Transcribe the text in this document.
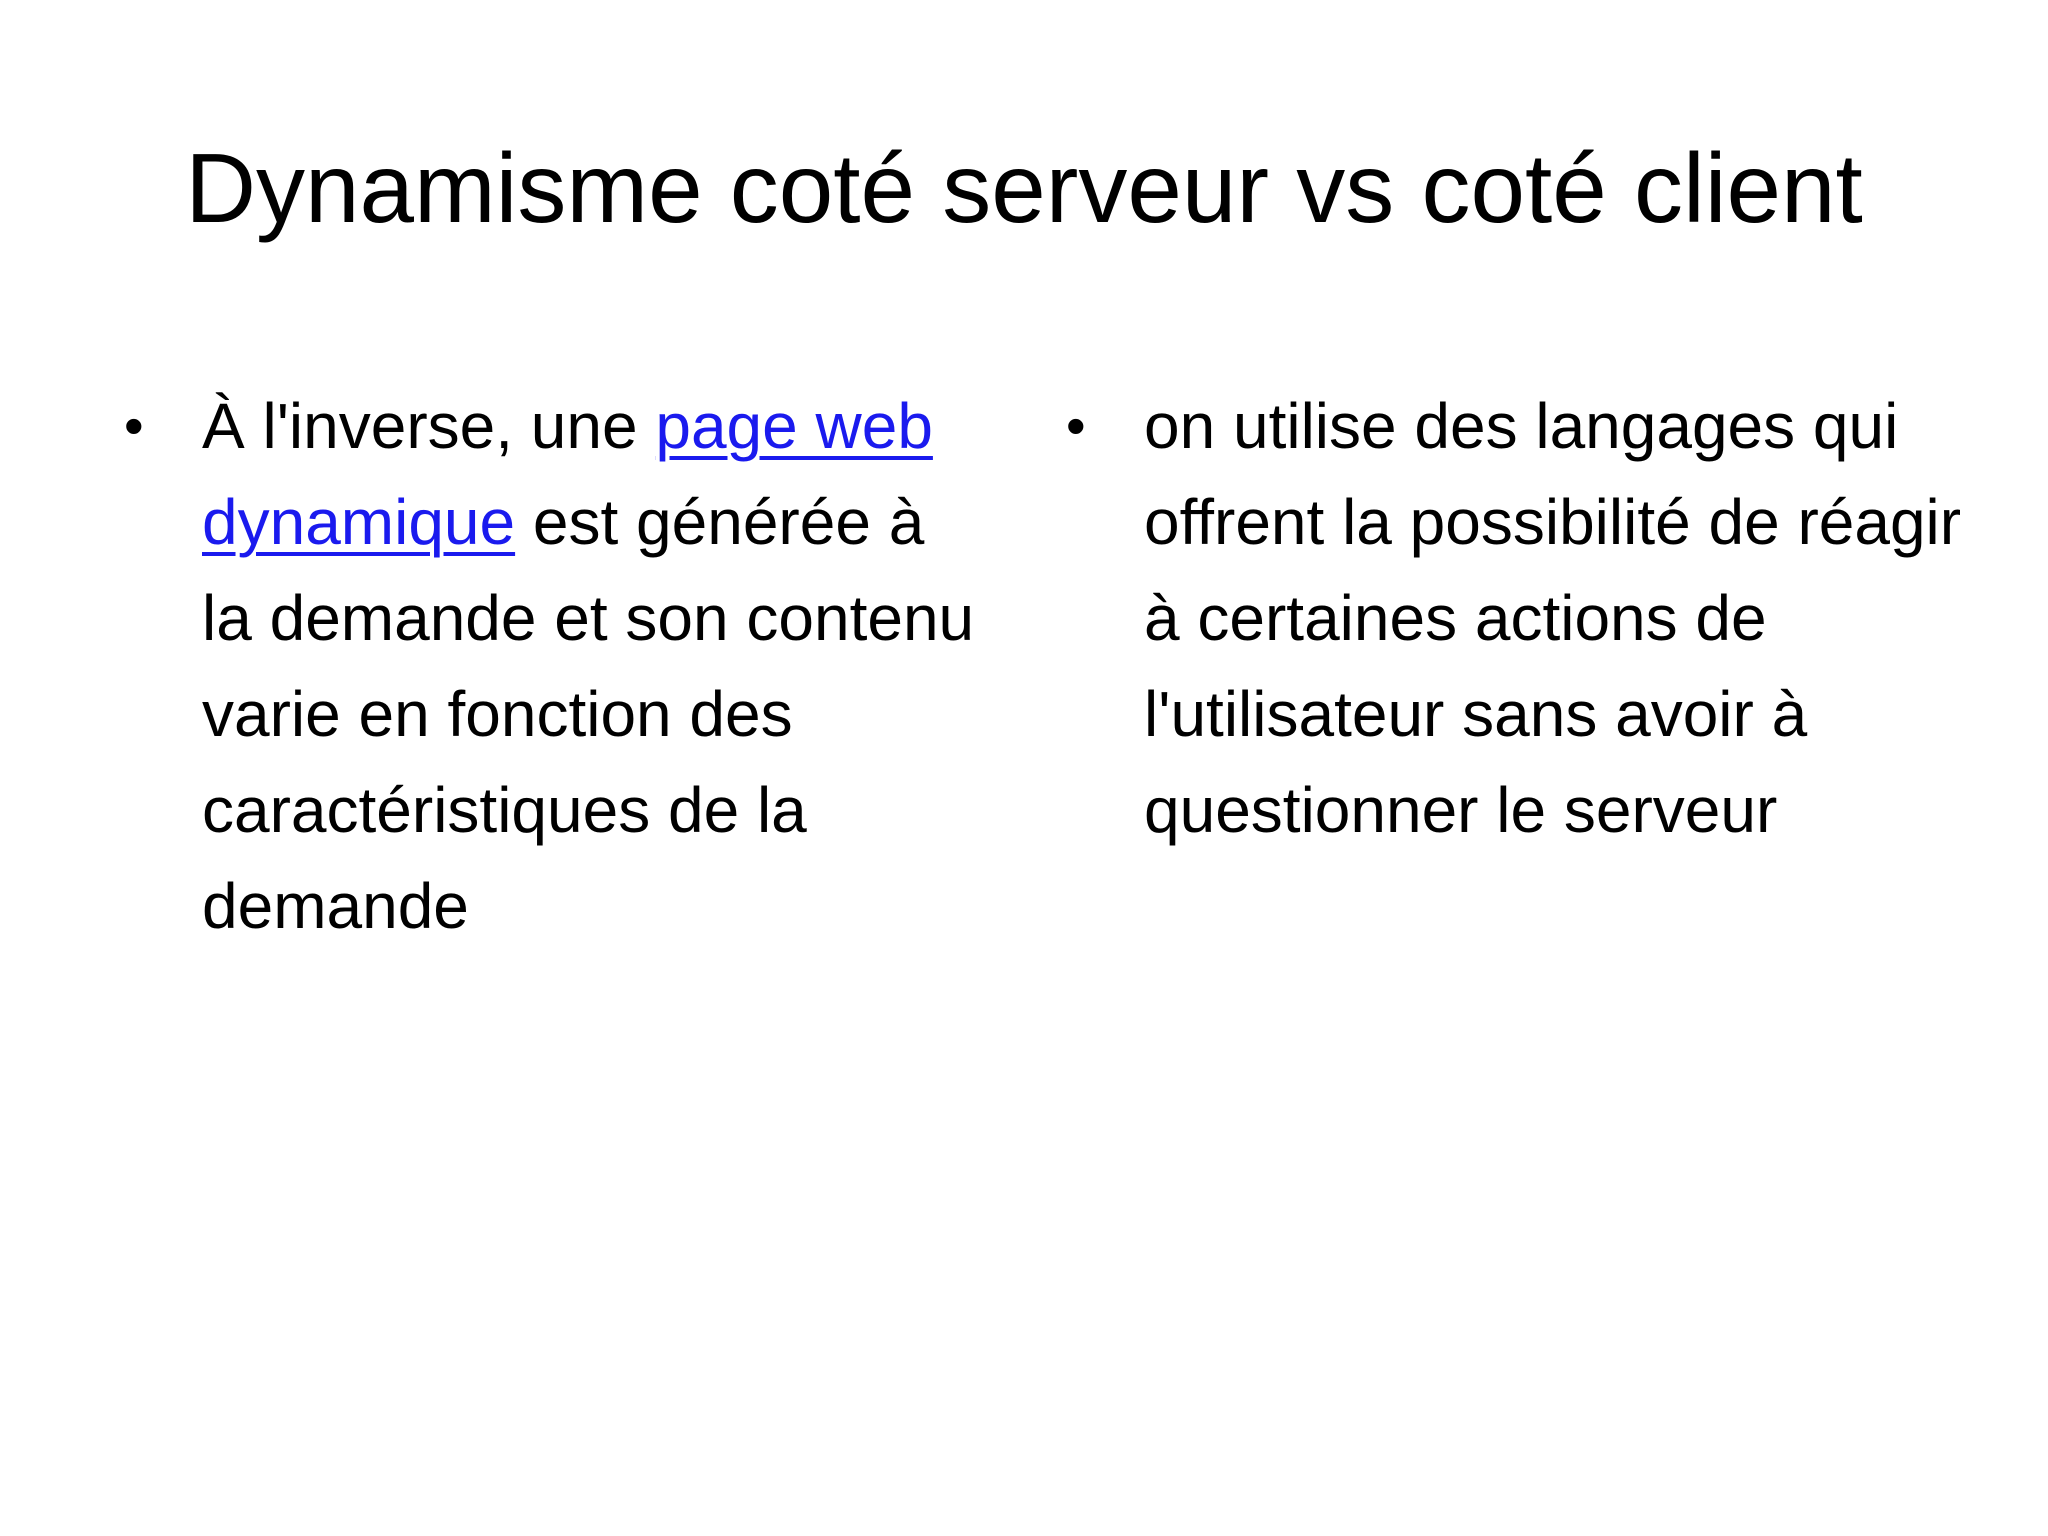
Dynamisme coté serveur vs coté client
• À l'inverse, une page web dynamique est générée à la demande et son contenu varie en fonction des caractéristiques de la demande
• on utilise des langages qui offrent la possibilité de réagir à certaines actions de l'utilisateur sans avoir à questionner le serveur
